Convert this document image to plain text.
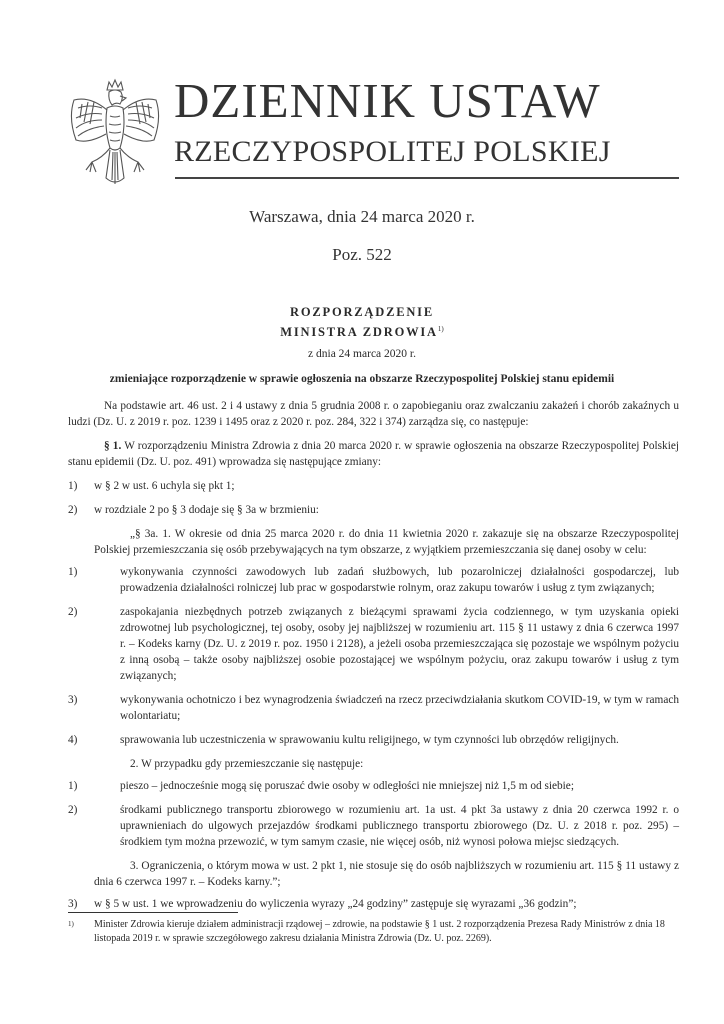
DZIENNIK USTAW
RZECZYPOSPOLITEJ POLSKIEJ
Warszawa, dnia 24 marca 2020 r.
Poz. 522
ROZPORZĄDZENIE
MINISTRA ZDROWIA$^{1)}$
z dnia 24 marca 2020 r.
zmieniające rozporządzenie w sprawie ogłoszenia na obszarze Rzeczypospolitej Polskiej stanu epidemii

Na podstawie art. 46 ust. 2 i 4 ustawy z dnia 5 grudnia 2008 r. o zapobieganiu oraz zwalczaniu zakażeń i chorób zakaźnych u ludzi (Dz. U. z 2019 r. poz. 1239 i 1495 oraz z 2020 r. poz. 284, 322 i 374) zarządza się, co następuje:

§ 1. W rozporządzeniu Ministra Zdrowia z dnia 20 marca 2020 r. w sprawie ogłoszenia na obszarze Rzeczypospolitej Polskiej stanu epidemii (Dz. U. poz. 491) wprowadza się następujące zmiany:

1)	w § 2 w ust. 6 uchyla się pkt 1;
2)	w rozdziale 2 po § 3 dodaje się § 3a w brzmieniu:

„§ 3a. 1. W okresie od dnia 25 marca 2020 r. do dnia 11 kwietnia 2020 r. zakazuje się na obszarze Rzeczypospolitej Polskiej przemieszczania się osób przebywających na tym obszarze, z wyjątkiem przemieszczania się danej osoby w celu:

1)	wykonywania czynności zawodowych lub zadań służbowych, lub pozarolniczej działalności gospodarczej, lub prowadzenia działalności rolniczej lub prac w gospodarstwie rolnym, oraz zakupu towarów i usług z tym związanych;
2)	zaspokajania niezbędnych potrzeb związanych z bieżącymi sprawami życia codziennego, w tym uzyskania opieki zdrowotnej lub psychologicznej, tej osoby, osoby jej najbliższej w rozumieniu art. 115 § 11 ustawy z dnia 6 czerwca 1997 r. – Kodeks karny (Dz. U. z 2019 r. poz. 1950 i 2128), a jeżeli osoba przemieszczająca się pozostaje we wspólnym pożyciu z inną osobą – także osoby najbliższej osobie pozostającej we wspólnym pożyciu, oraz zakupu towarów i usług z tym związanych;
3)	wykonywania ochotniczo i bez wynagrodzenia świadczeń na rzecz przeciwdziałania skutkom COVID-19, w tym w ramach wolontariatu;
4)	sprawowania lub uczestniczenia w sprawowaniu kultu religijnego, w tym czynności lub obrzędów religijnych.

2. W przypadku gdy przemieszczanie się następuje:

1)	pieszo – jednocześnie mogą się poruszać dwie osoby w odległości nie mniejszej niż 1,5 m od siebie;
2)	środkami publicznego transportu zbiorowego w rozumieniu art. 1a ust. 4 pkt 3a ustawy z dnia 20 czerwca 1992 r. o uprawnieniach do ulgowych przejazdów środkami publicznego transportu zbiorowego (Dz. U. z 2018 r. poz. 295) – środkiem tym można przewozić, w tym samym czasie, nie więcej osób, niż wynosi połowa miejsc siedzących.

3. Ograniczenia, o którym mowa w ust. 2 pkt 1, nie stosuje się do osób najbliższych w rozumieniu art. 115 § 11 ustawy z dnia 6 czerwca 1997 r. – Kodeks karny.”;

3)	w § 5 w ust. 1 we wprowadzeniu do wyliczenia wyrazy „24 godziny” zastępuje się wyrazami „36 godzin”;
1)	Minister Zdrowia kieruje działem administracji rządowej – zdrowie, na podstawie § 1 ust. 2 rozporządzenia Prezesa Rady Ministrów z dnia 18 listopada 2019 r. w sprawie szczegółowego zakresu działania Ministra Zdrowia (Dz. U. poz. 2269).
